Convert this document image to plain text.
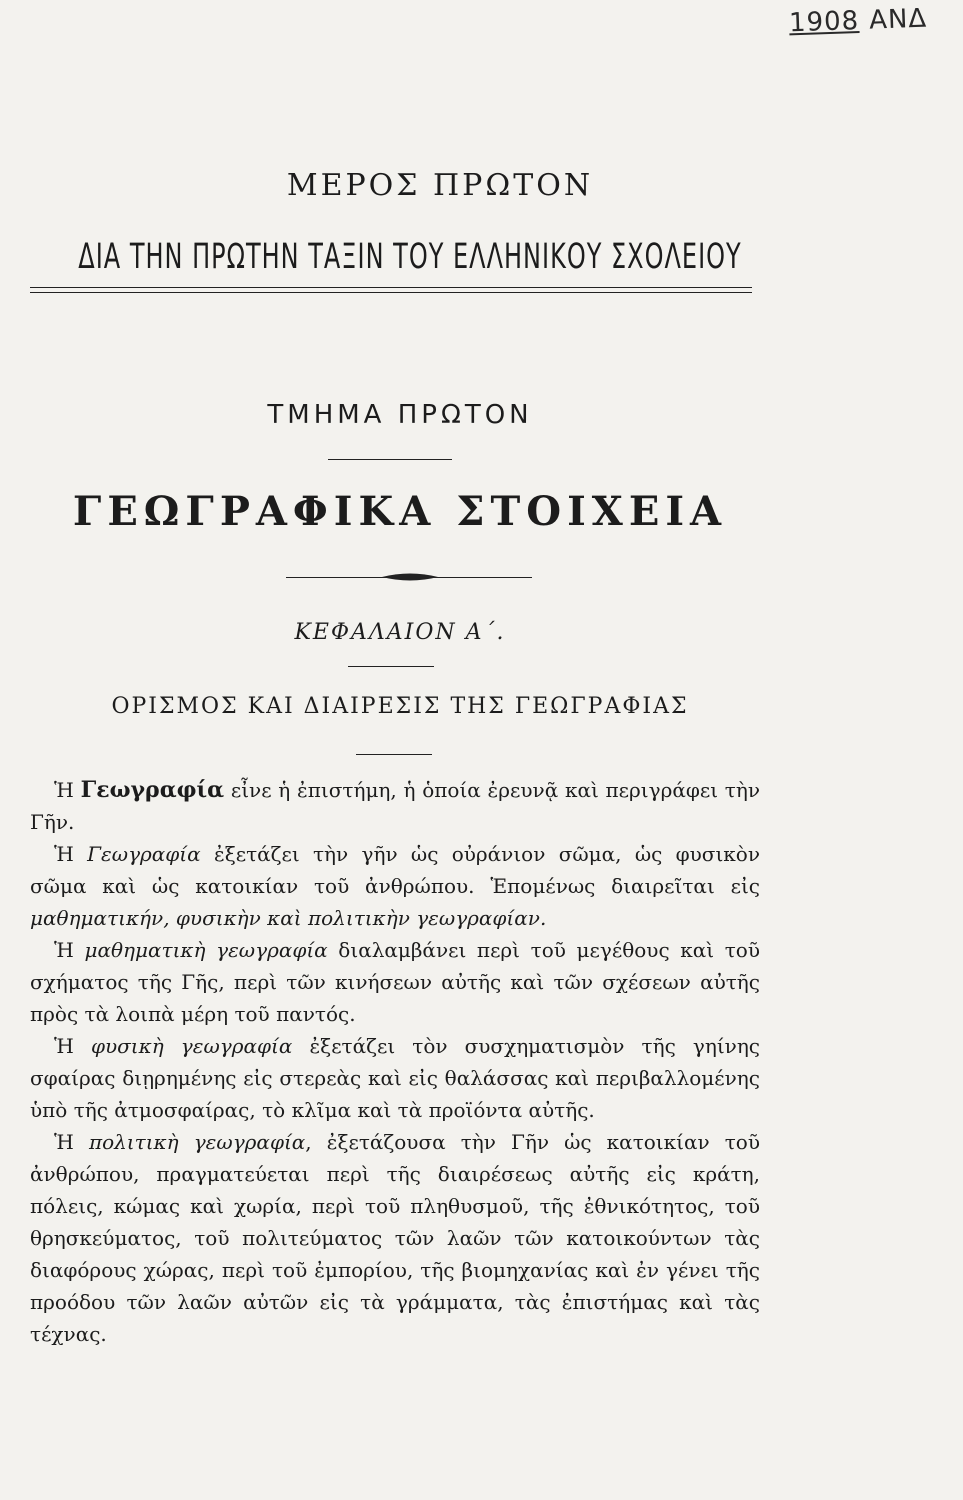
1908 ΑΝΔ
ΜΕΡΟΣ ΠΡΩΤΟΝ
ΔΙΑ ΤΗΝ ΠΡΩΤΗΝ ΤΑΞΙΝ ΤΟΥ ΕΛΛΗΝΙΚΟΥ ΣΧΟΛΕΙΟΥ
ΤΜΗΜΑ ΠΡΩΤΟΝ
ΓΕΩΓΡΑΦΙΚΑ ΣΤΟΙΧΕΙΑ
ΚΕΦΑΛΑΙΟΝ Α΄.
ΟΡΙΣΜΟΣ ΚΑΙ ΔΙΑΙΡΕΣΙΣ ΤΗΣ ΓΕΩΓΡΑΦΙΑΣ

Ἡ Γεωγραφία εἶνε ἡ ἐπιστήμη, ἡ ὁποία ἐρευνᾷ καὶ περιγράφει τὴν Γῆν.

Ἡ Γεωγραφία ἐξετάζει τὴν γῆν ὡς οὐράνιον σῶμα, ὡς φυσικὸν σῶμα καὶ ὡς κατοικίαν τοῦ ἀνθρώπου. Ἑπομένως διαιρεῖται εἰς μαθηματικήν, φυσικὴν καὶ πολιτικὴν γεωγραφίαν.

Ἡ μαθηματικὴ γεωγραφία διαλαμβάνει περὶ τοῦ μεγέθους καὶ τοῦ σχήματος τῆς Γῆς, περὶ τῶν κινήσεων αὐτῆς καὶ τῶν σχέσεων αὐτῆς πρὸς τὰ λοιπὰ μέρη τοῦ παντός.

Ἡ φυσικὴ γεωγραφία ἐξετάζει τὸν συσχηματισμὸν τῆς γηίνης σφαίρας διῃρημένης εἰς στερεὰς καὶ εἰς θαλάσσας καὶ περιβαλλομένης ὑπὸ τῆς ἀτμοσφαίρας, τὸ κλῖμα καὶ τὰ προϊόντα αὐτῆς.

Ἡ πολιτικὴ γεωγραφία, ἐξετάζουσα τὴν Γῆν ὡς κατοικίαν τοῦ ἀνθρώπου, πραγματεύεται περὶ τῆς διαιρέσεως αὐτῆς εἰς κράτη, πόλεις, κώμας καὶ χωρία, περὶ τοῦ πληθυσμοῦ, τῆς ἐθνικότητος, τοῦ θρησκεύματος, τοῦ πολιτεύματος τῶν λαῶν τῶν κατοικούντων τὰς διαφόρους χώρας, περὶ τοῦ ἐμπορίου, τῆς βιομηχανίας καὶ ἐν γένει τῆς προόδου τῶν λαῶν αὐτῶν εἰς τὰ γράμματα, τὰς ἐπιστήμας καὶ τὰς τέχνας.
